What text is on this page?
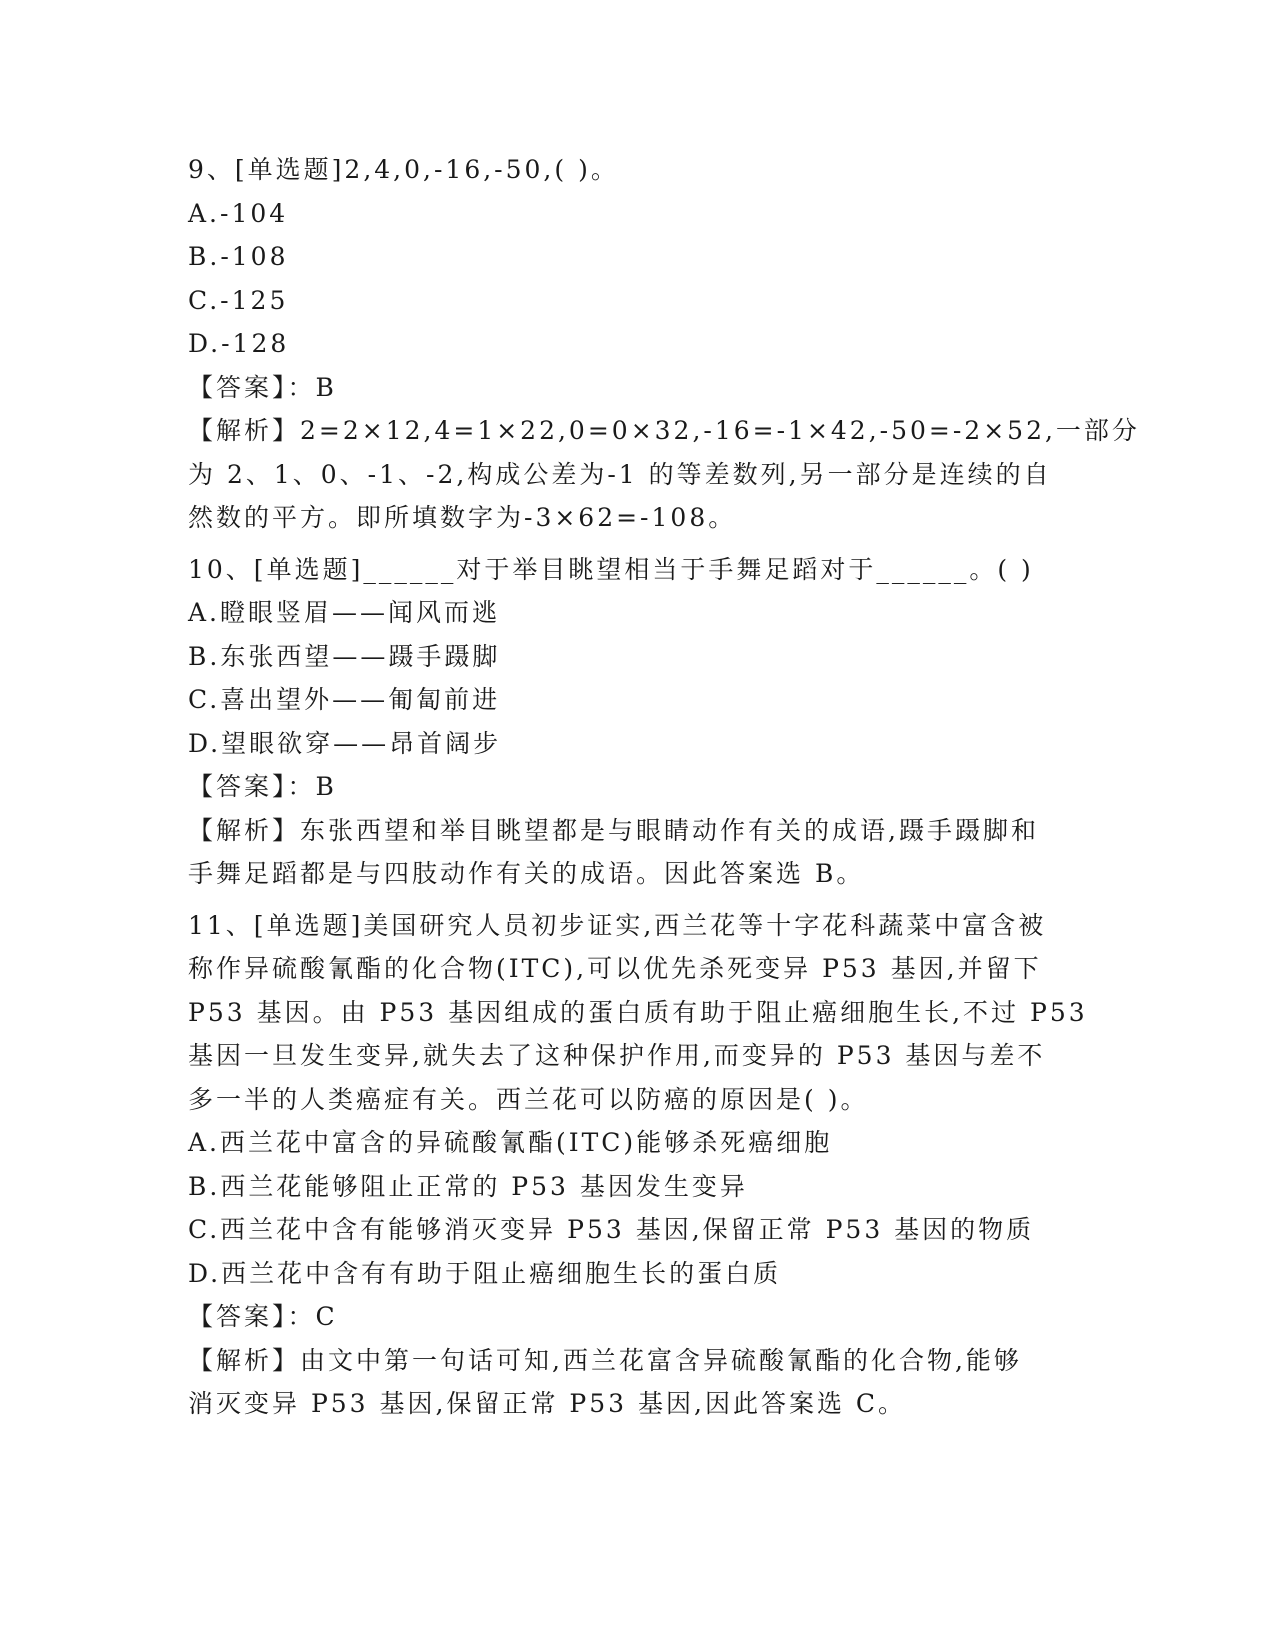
9、[单选题]2,4,0,-16,-50,( )。
A.-104
B.-108
C.-125
D.-128
【答案】：B
【解析】2=2×12,4=1×22,0=0×32,-16=-1×42,-50=-2×52,一部分
为 2、1、0、-1、-2,构成公差为-1 的等差数列,另一部分是连续的自
然数的平方。即所填数字为-3×62=-108。
10、[单选题]______对于举目眺望相当于手舞足蹈对于______。( )
A.瞪眼竖眉——闻风而逃
B.东张西望——蹑手蹑脚
C.喜出望外——匍匐前进
D.望眼欲穿——昂首阔步
【答案】：B
【解析】东张西望和举目眺望都是与眼睛动作有关的成语,蹑手蹑脚和
手舞足蹈都是与四肢动作有关的成语。因此答案选 B。
11、[单选题]美国研究人员初步证实,西兰花等十字花科蔬菜中富含被
称作异硫酸氰酯的化合物(ITC),可以优先杀死变异 P53 基因,并留下
P53 基因。由 P53 基因组成的蛋白质有助于阻止癌细胞生长,不过 P53
基因一旦发生变异,就失去了这种保护作用,而变异的 P53 基因与差不
多一半的人类癌症有关。西兰花可以防癌的原因是( )。
A.西兰花中富含的异硫酸氰酯(ITC)能够杀死癌细胞
B.西兰花能够阻止正常的 P53 基因发生变异
C.西兰花中含有能够消灭变异 P53 基因,保留正常 P53 基因的物质
D.西兰花中含有有助于阻止癌细胞生长的蛋白质
【答案】：C
【解析】由文中第一句话可知,西兰花富含异硫酸氰酯的化合物,能够
消灭变异 P53 基因,保留正常 P53 基因,因此答案选 C。
